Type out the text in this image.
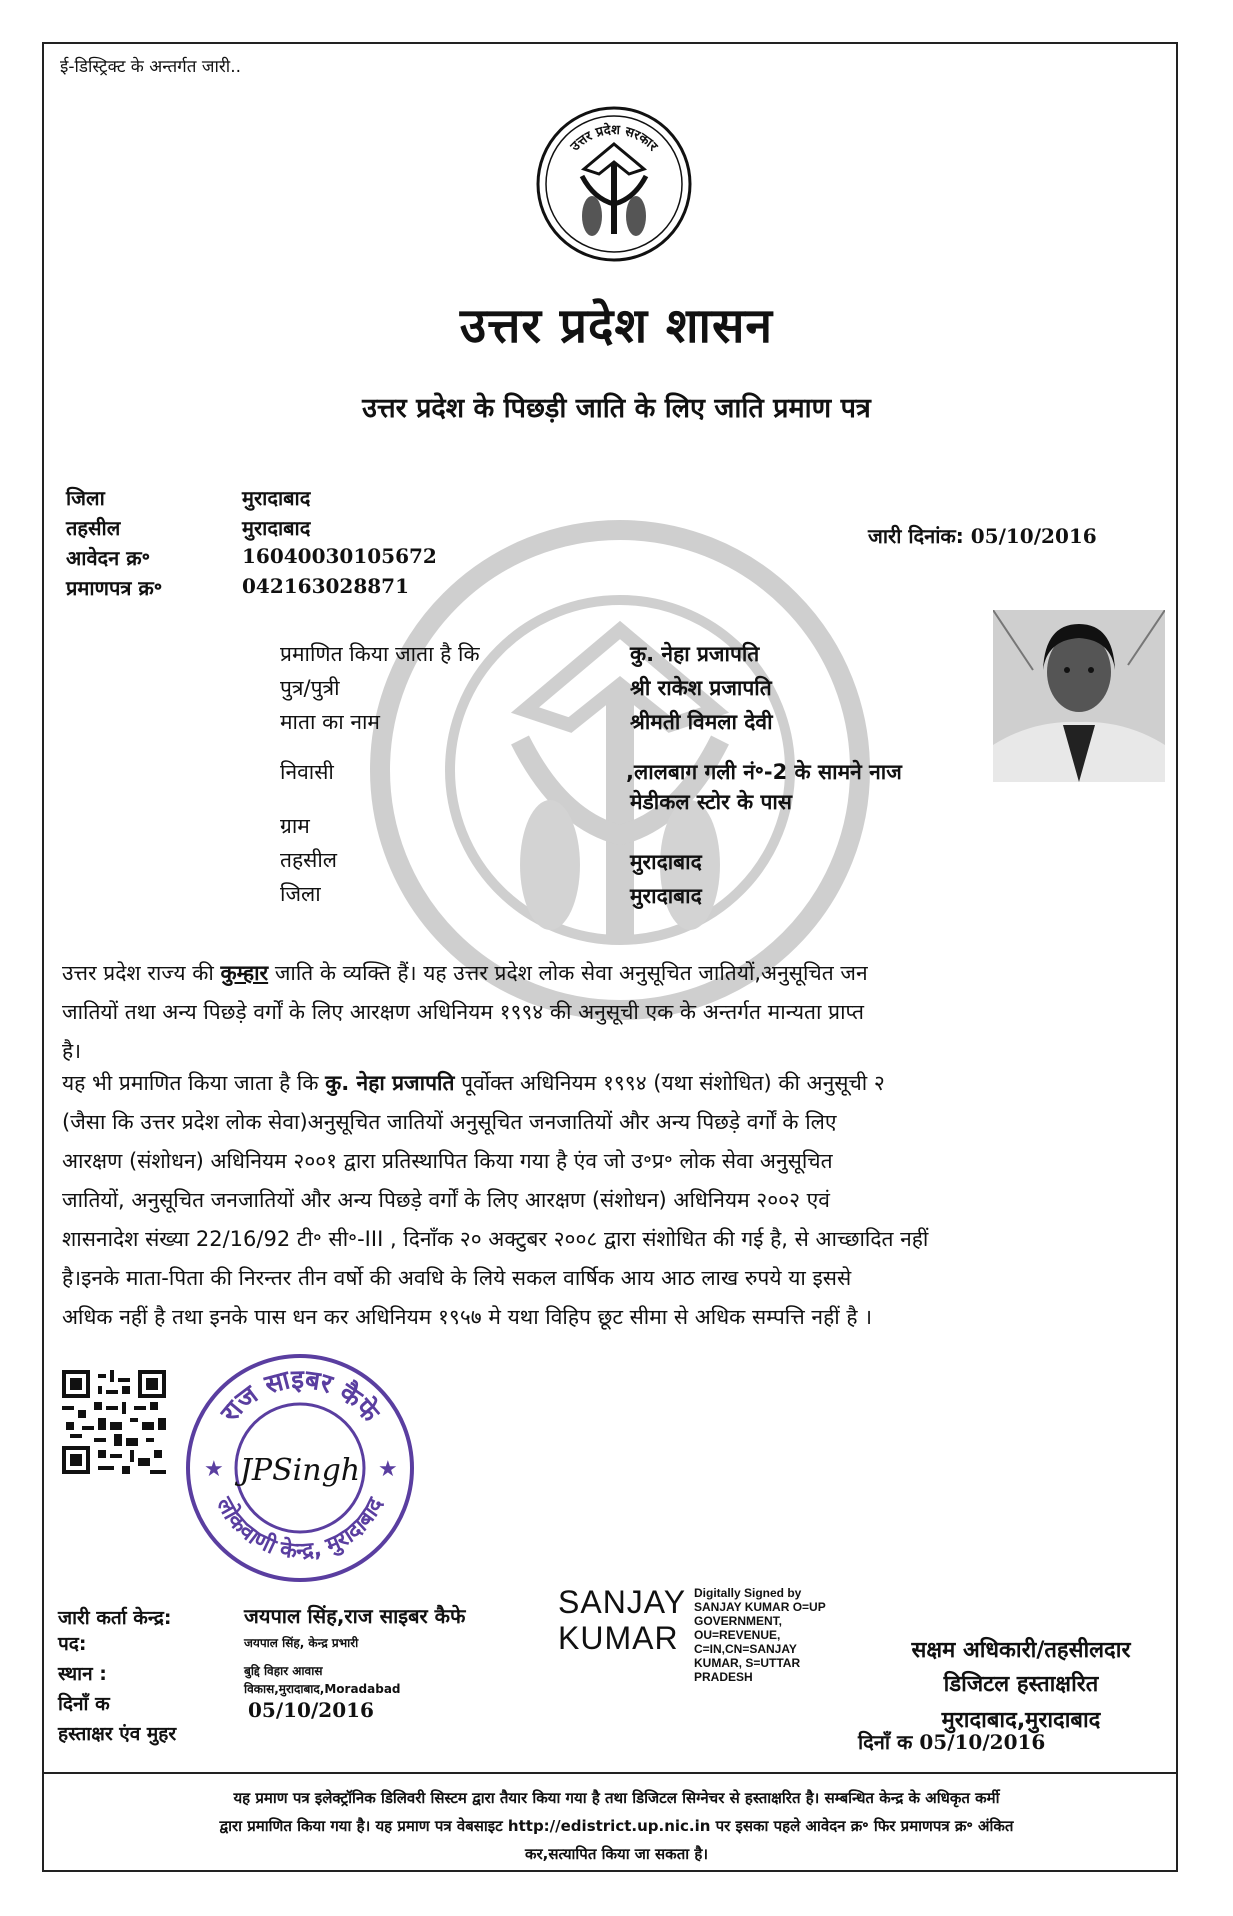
ई-डिस्ट्रिक्ट के अन्तर्गत जारी..
उत्तर प्रदेश सरकार
उत्तर प्रदेश शासन
उत्तर प्रदेश के पिछड़ी जाति के लिए जाति प्रमाण पत्र
जिला	मुरादाबाद
तहसील	मुरादाबाद
आवेदन क्र॰	16040030105672
प्रमाणपत्र क्र॰	042163028871
जारी दिनांक: 05/10/2016
प्रमाणित किया जाता है कि	कु. नेहा प्रजापति
पुत्र/पुत्री	श्री राकेश प्रजापति
माता का नाम	श्रीमती विमला देवी
निवासी	,लालबाग गली नं॰-2 के सामने नाज
मेडीकल स्टोर के पास
ग्राम
तहसील	मुरादाबाद
जिला	मुरादाबाद
उत्तर प्रदेश राज्य की कुम्हार जाति के व्यक्ति हैं। यह उत्तर प्रदेश लोक सेवा अनुसूचित जातियों,अनुसूचित जन
जातियों तथा अन्य पिछड़े वर्गों के लिए आरक्षण अधिनियम १९९४ की अनुसूची एक के अन्तर्गत मान्यता प्राप्त
है।
यह भी प्रमाणित किया जाता है कि कु. नेहा प्रजापति पूर्वोक्त अधिनियम १९९४ (यथा संशोधित) की अनुसूची २
(जैसा कि उत्तर प्रदेश लोक सेवा)अनुसूचित जातियों अनुसूचित जनजातियों और अन्य पिछड़े वर्गों के लिए
आरक्षण (संशोधन) अधिनियम २००१ द्वारा प्रतिस्थापित किया गया है एंव जो उ॰प्र॰ लोक सेवा अनुसूचित
जातियों, अनुसूचित जनजातियों और अन्य पिछड़े वर्गों के लिए आरक्षण (संशोधन) अधिनियम २००२ एवं
शासनादेश संख्या 22/16/92 टी॰ सी॰-III , दिनाँक २० अक्टुबर २००८ द्वारा संशोधित की गई है, से आच्छादित नहीं
है।इनके माता-पिता की निरन्तर तीन वर्षो की अवधि के लिये सकल वार्षिक आय आठ लाख रुपये या इससे
अधिक नहीं है तथा इनके पास धन कर अधिनियम १९५७ मे यथा विहिप छूट सीमा से अधिक सम्पत्ति नहीं है ।
राज साइबर कैफे
लोकवाणी केन्द्र, मुरादाबाद
★	★
JPSingh
जारी कर्ता केन्द्र:	जयपाल सिंह,राज साइबर कैफे
पद:	जयपाल सिंह, केन्द्र प्रभारी
स्थान :	बुद्दि विहार आवास
विकास,मुरादाबाद,Moradabad
दिनाँ क	05/10/2016
हस्ताक्षर एंव मुहर
SANJAY
KUMAR
Digitally Signed by
SANJAY KUMAR O=UP
GOVERNMENT,
OU=REVENUE,
C=IN,CN=SANJAY
KUMAR, S=UTTAR
PRADESH
सक्षम अधिकारी/तहसीलदार
डिजिटल हस्ताक्षरित
मुरादाबाद,मुरादाबाद
दिनाँ क 05/10/2016
यह प्रमाण पत्र इलेक्ट्रॉनिक डिलिवरी सिस्टम द्वारा तैयार किया गया है तथा डिजिटल सिग्नेचर से हस्ताक्षरित है। सम्बन्धित केन्द्र के अधिकृत कर्मी
द्वारा प्रमाणित किया गया है। यह प्रमाण पत्र वेबसाइट http://edistrict.up.nic.in पर इसका पहले आवेदन क्र॰ फिर प्रमाणपत्र क्र॰ अंकित
कर,सत्यापित किया जा सकता है।
